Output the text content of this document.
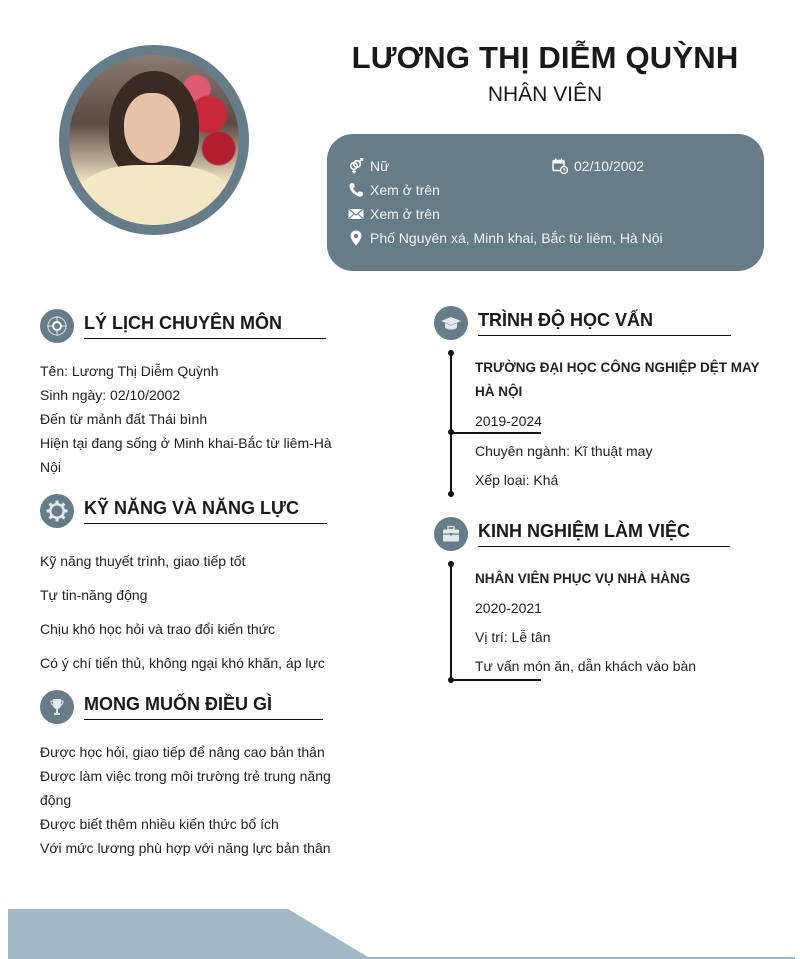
LƯƠNG THỊ DIỄM QUỲNH
NHÂN VIÊN
Nữ	02/10/2002
Xem ở trên
Xem ở trên
Phố Nguyên xá, Minh khai, Bắc từ liêm, Hà Nội
LÝ LỊCH CHUYÊN MÔN
Tên: Lương Thị Diễm Quỳnh
Sinh ngày: 02/10/2002
Đến từ mảnh đất Thái bình
Hiện tại đang sống ở Minh khai-Bắc từ liêm-Hà
Nội
KỸ NĂNG VÀ NĂNG LỰC
Kỹ năng thuyết trình, giao tiếp tốt
Tự tin-năng động
Chịu khó học hỏi và trao đổi kiến thức
Có ý chí tiến thủ, không ngại khó khăn, áp lực
MONG MUỐN ĐIỀU GÌ
Được học hỏi, giao tiếp để nâng cao bản thân
Được làm việc trong môi trường trẻ trung năng
động
Được biết thêm nhiều kiến thức bổ ích
Với mức lương phù hợp với năng lực bản thân
TRÌNH ĐỘ HỌC VẤN
TRƯỜNG ĐẠI HỌC CÔNG NGHIỆP DỆT MAY
HÀ NỘI
2019-2024
Chuyên ngành: Kĩ thuật may
Xếp loại: Khá
KINH NGHIỆM LÀM VIỆC
NHÂN VIÊN PHỤC VỤ NHÀ HÀNG
2020-2021
Vị trí: Lễ tân
Tư vấn món ăn, dẫn khách vào bàn
